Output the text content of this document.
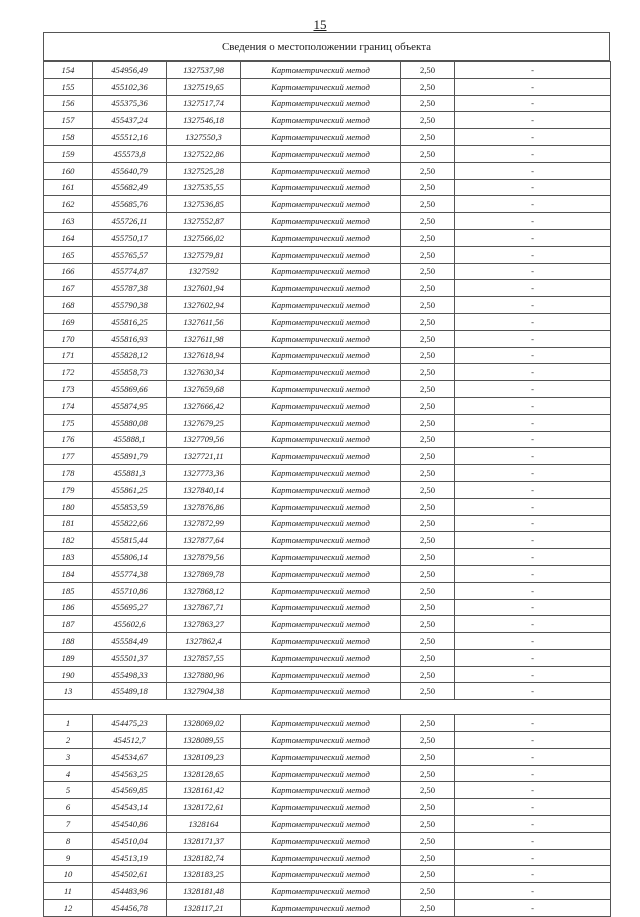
15
Сведения о местоположении границ объекта
154	454956,49	1327537,98	Картометрический метод	2,50	-
155	455102,36	1327519,65	Картометрический метод	2,50	-
156	455375,36	1327517,74	Картометрический метод	2,50	-
157	455437,24	1327546,18	Картометрический метод	2,50	-
158	455512,16	1327550,3	Картометрический метод	2,50	-
159	455573,8	1327522,86	Картометрический метод	2,50	-
160	455640,79	1327525,28	Картометрический метод	2,50	-
161	455682,49	1327535,55	Картометрический метод	2,50	-
162	455685,76	1327536,85	Картометрический метод	2,50	-
163	455726,11	1327552,87	Картометрический метод	2,50	-
164	455750,17	1327566,02	Картометрический метод	2,50	-
165	455765,57	1327579,81	Картометрический метод	2,50	-
166	455774,87	1327592	Картометрический метод	2,50	-
167	455787,38	1327601,94	Картометрический метод	2,50	-
168	455790,38	1327602,94	Картометрический метод	2,50	-
169	455816,25	1327611,56	Картометрический метод	2,50	-
170	455816,93	1327611,98	Картометрический метод	2,50	-
171	455828,12	1327618,94	Картометрический метод	2,50	-
172	455858,73	1327630,34	Картометрический метод	2,50	-
173	455869,66	1327659,68	Картометрический метод	2,50	-
174	455874,95	1327666,42	Картометрический метод	2,50	-
175	455880,08	1327679,25	Картометрический метод	2,50	-
176	455888,1	1327709,56	Картометрический метод	2,50	-
177	455891,79	1327721,11	Картометрический метод	2,50	-
178	455881,3	1327773,36	Картометрический метод	2,50	-
179	455861,25	1327840,14	Картометрический метод	2,50	-
180	455853,59	1327876,86	Картометрический метод	2,50	-
181	455822,66	1327872,99	Картометрический метод	2,50	-
182	455815,44	1327877,64	Картометрический метод	2,50	-
183	455806,14	1327879,56	Картометрический метод	2,50	-
184	455774,38	1327869,78	Картометрический метод	2,50	-
185	455710,86	1327868,12	Картометрический метод	2,50	-
186	455695,27	1327867,71	Картометрический метод	2,50	-
187	455602,6	1327863,27	Картометрический метод	2,50	-
188	455584,49	1327862,4	Картометрический метод	2,50	-
189	455501,37	1327857,55	Картометрический метод	2,50	-
190	455498,33	1327880,96	Картометрический метод	2,50	-
13	455489,18	1327904,38	Картометрический метод	2,50	-

1	454475,23	1328069,02	Картометрический метод	2,50	-
2	454512,7	1328089,55	Картометрический метод	2,50	-
3	454534,67	1328109,23	Картометрический метод	2,50	-
4	454563,25	1328128,65	Картометрический метод	2,50	-
5	454569,85	1328161,42	Картометрический метод	2,50	-
6	454543,14	1328172,61	Картометрический метод	2,50	-
7	454540,86	1328164	Картометрический метод	2,50	-
8	454510,04	1328171,37	Картометрический метод	2,50	-
9	454513,19	1328182,74	Картометрический метод	2,50	-
10	454502,61	1328183,25	Картометрический метод	2,50	-
11	454483,96	1328181,48	Картометрический метод	2,50	-
12	454456,78	1328117,21	Картометрический метод	2,50	-
